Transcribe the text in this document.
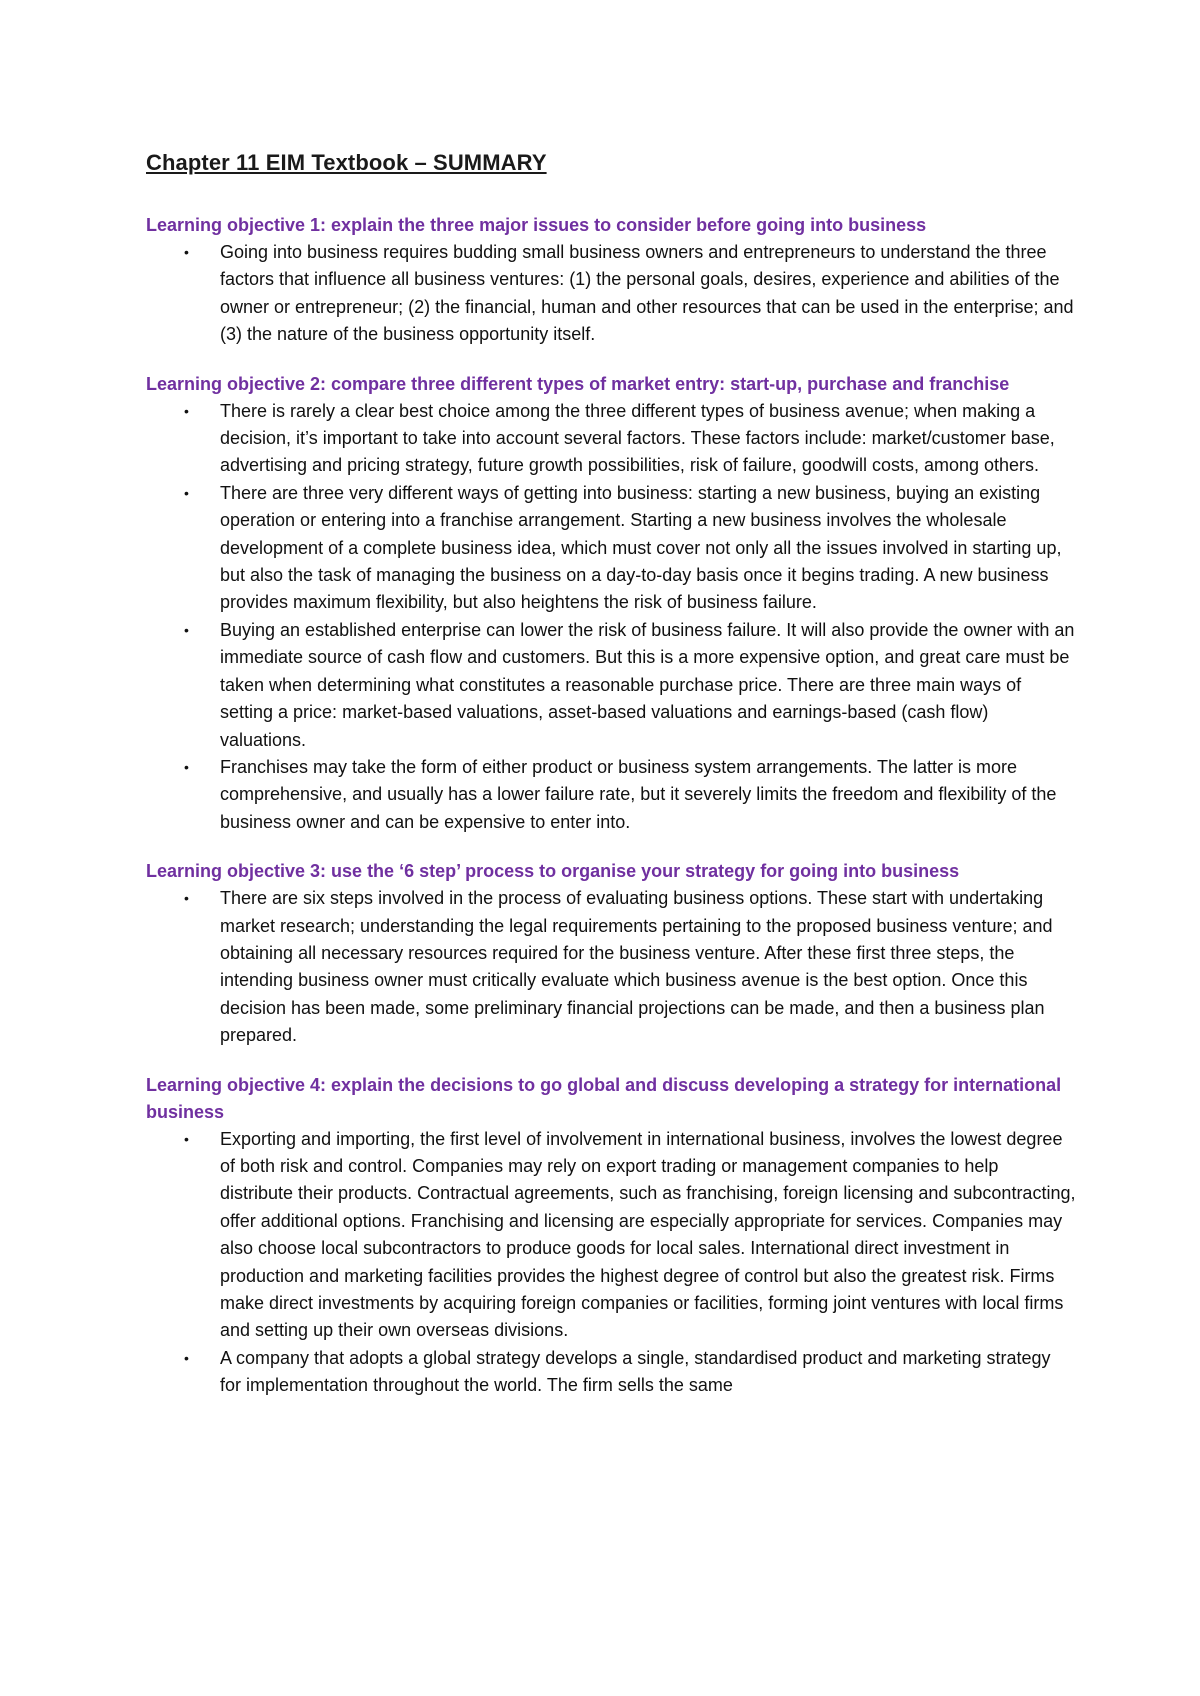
Chapter 11 EIM Textbook – SUMMARY

Learning objective 1: explain the three major issues to consider before going into business

• Going into business requires budding small business owners and entrepreneurs to understand the three factors that influence all business ventures: (1) the personal goals, desires, experience and abilities of the owner or entrepreneur; (2) the financial, human and other resources that can be used in the enterprise; and (3) the nature of the business opportunity itself.

Learning objective 2: compare three different types of market entry: start-up, purchase and franchise

• There is rarely a clear best choice among the three different types of business avenue; when making a decision, it’s important to take into account several factors. These factors include: market/customer base, advertising and pricing strategy, future growth possibilities, risk of failure, goodwill costs, among others.
• There are three very different ways of getting into business: starting a new business, buying an existing operation or entering into a franchise arrangement. Starting a new business involves the wholesale development of a complete business idea, which must cover not only all the issues involved in starting up, but also the task of managing the business on a day-to-day basis once it begins trading. A new business provides maximum flexibility, but also heightens the risk of business failure.
• Buying an established enterprise can lower the risk of business failure. It will also provide the owner with an immediate source of cash flow and customers. But this is a more expensive option, and great care must be taken when determining what constitutes a reasonable purchase price. There are three main ways of setting a price: market-based valuations, asset-based valuations and earnings-based (cash flow) valuations.
• Franchises may take the form of either product or business system arrangements. The latter is more comprehensive, and usually has a lower failure rate, but it severely limits the freedom and flexibility of the business owner and can be expensive to enter into.

Learning objective 3: use the ‘6 step’ process to organise your strategy for going into business

• There are six steps involved in the process of evaluating business options. These start with undertaking market research; understanding the legal requirements pertaining to the proposed business venture; and obtaining all necessary resources required for the business venture. After these first three steps, the intending business owner must critically evaluate which business avenue is the best option. Once this decision has been made, some preliminary financial projections can be made, and then a business plan prepared.

Learning objective 4: explain the decisions to go global and discuss developing a strategy for international business

• Exporting and importing, the first level of involvement in international business, involves the lowest degree of both risk and control. Companies may rely on export trading or management companies to help distribute their products. Contractual agreements, such as franchising, foreign licensing and subcontracting, offer additional options. Franchising and licensing are especially appropriate for services. Companies may also choose local subcontractors to produce goods for local sales. International direct investment in production and marketing facilities provides the highest degree of control but also the greatest risk. Firms make direct investments by acquiring foreign companies or facilities, forming joint ventures with local firms and setting up their own overseas divisions.
• A company that adopts a global strategy develops a single, standardised product and marketing strategy for implementation throughout the world. The firm sells the same
